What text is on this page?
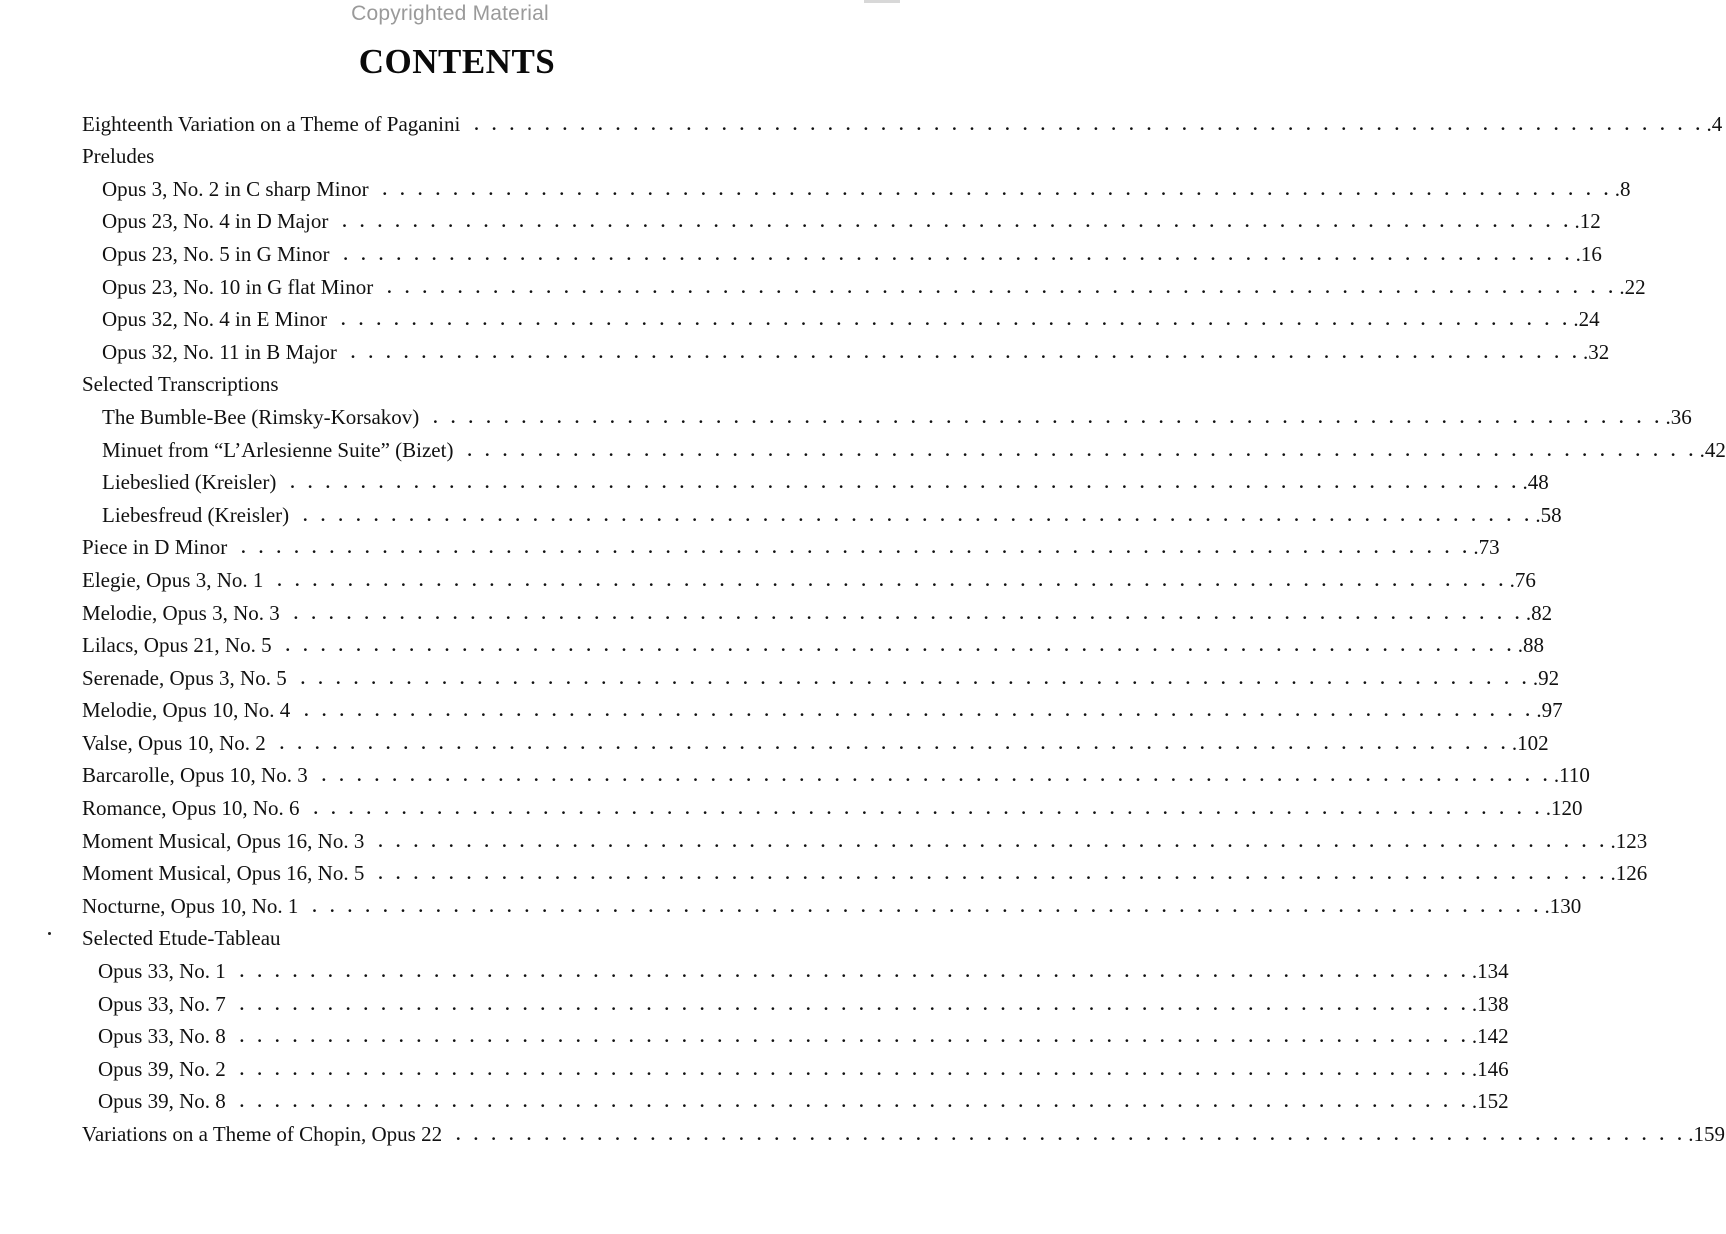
Copyrighted Material
CONTENTS
Eighteenth Variation on a Theme of Paganini . . . . . . . . . . . . . . . . . . . . . . . . . . . . . . . . . . . . . . . . . . . . . . . . . . . . . . . . . . . . . . . . . . . . . . .4
Preludes
Opus 3, No. 2 in C sharp Minor . . . . . . . . . . . . . . . . . . . . . . . . . . . . . . . . . . . . . . . . . . . . . . . . . . . . . . . . . . . . . . . . . . . . . . .8
Opus 23, No. 4 in D Major . . . . . . . . . . . . . . . . . . . . . . . . . . . . . . . . . . . . . . . . . . . . . . . . . . . . . . . . . . . . . . . . . . . . . . .12
Opus 23, No. 5 in G Minor . . . . . . . . . . . . . . . . . . . . . . . . . . . . . . . . . . . . . . . . . . . . . . . . . . . . . . . . . . . . . . . . . . . . . . .16
Opus 23, No. 10 in G flat Minor . . . . . . . . . . . . . . . . . . . . . . . . . . . . . . . . . . . . . . . . . . . . . . . . . . . . . . . . . . . . . . . . . . . . . . .22
Opus 32, No. 4 in E Minor . . . . . . . . . . . . . . . . . . . . . . . . . . . . . . . . . . . . . . . . . . . . . . . . . . . . . . . . . . . . . . . . . . . . . . .24
Opus 32, No. 11 in B Major . . . . . . . . . . . . . . . . . . . . . . . . . . . . . . . . . . . . . . . . . . . . . . . . . . . . . . . . . . . . . . . . . . . . . . .32
Selected Transcriptions
The Bumble-Bee (Rimsky-Korsakov) . . . . . . . . . . . . . . . . . . . . . . . . . . . . . . . . . . . . . . . . . . . . . . . . . . . . . . . . . . . . . . . . . . . . . . .36
Minuet from “L’Arlesienne Suite” (Bizet) . . . . . . . . . . . . . . . . . . . . . . . . . . . . . . . . . . . . . . . . . . . . . . . . . . . . . . . . . . . . . . . . . . . . . . .42
Liebeslied (Kreisler) . . . . . . . . . . . . . . . . . . . . . . . . . . . . . . . . . . . . . . . . . . . . . . . . . . . . . . . . . . . . . . . . . . . . . . .48
Liebesfreud (Kreisler) . . . . . . . . . . . . . . . . . . . . . . . . . . . . . . . . . . . . . . . . . . . . . . . . . . . . . . . . . . . . . . . . . . . . . . .58
Piece in D Minor . . . . . . . . . . . . . . . . . . . . . . . . . . . . . . . . . . . . . . . . . . . . . . . . . . . . . . . . . . . . . . . . . . . . . . .73
Elegie, Opus 3, No. 1 . . . . . . . . . . . . . . . . . . . . . . . . . . . . . . . . . . . . . . . . . . . . . . . . . . . . . . . . . . . . . . . . . . . . . . .76
Melodie, Opus 3, No. 3 . . . . . . . . . . . . . . . . . . . . . . . . . . . . . . . . . . . . . . . . . . . . . . . . . . . . . . . . . . . . . . . . . . . . . . .82
Lilacs, Opus 21, No. 5 . . . . . . . . . . . . . . . . . . . . . . . . . . . . . . . . . . . . . . . . . . . . . . . . . . . . . . . . . . . . . . . . . . . . . . .88
Serenade, Opus 3, No. 5 . . . . . . . . . . . . . . . . . . . . . . . . . . . . . . . . . . . . . . . . . . . . . . . . . . . . . . . . . . . . . . . . . . . . . . .92
Melodie, Opus 10, No. 4 . . . . . . . . . . . . . . . . . . . . . . . . . . . . . . . . . . . . . . . . . . . . . . . . . . . . . . . . . . . . . . . . . . . . . . .97
Valse, Opus 10, No. 2 . . . . . . . . . . . . . . . . . . . . . . . . . . . . . . . . . . . . . . . . . . . . . . . . . . . . . . . . . . . . . . . . . . . . . . .102
Barcarolle, Opus 10, No. 3 . . . . . . . . . . . . . . . . . . . . . . . . . . . . . . . . . . . . . . . . . . . . . . . . . . . . . . . . . . . . . . . . . . . . . . .110
Romance, Opus 10, No. 6 . . . . . . . . . . . . . . . . . . . . . . . . . . . . . . . . . . . . . . . . . . . . . . . . . . . . . . . . . . . . . . . . . . . . . . .120
Moment Musical, Opus 16, No. 3 . . . . . . . . . . . . . . . . . . . . . . . . . . . . . . . . . . . . . . . . . . . . . . . . . . . . . . . . . . . . . . . . . . . . . . .123
Moment Musical, Opus 16, No. 5 . . . . . . . . . . . . . . . . . . . . . . . . . . . . . . . . . . . . . . . . . . . . . . . . . . . . . . . . . . . . . . . . . . . . . . .126
Nocturne, Opus 10, No. 1 . . . . . . . . . . . . . . . . . . . . . . . . . . . . . . . . . . . . . . . . . . . . . . . . . . . . . . . . . . . . . . . . . . . . . . .130
Selected Etude-Tableau
Opus 33, No. 1 . . . . . . . . . . . . . . . . . . . . . . . . . . . . . . . . . . . . . . . . . . . . . . . . . . . . . . . . . . . . . . . . . . . . . . .134
Opus 33, No. 7 . . . . . . . . . . . . . . . . . . . . . . . . . . . . . . . . . . . . . . . . . . . . . . . . . . . . . . . . . . . . . . . . . . . . . . .138
Opus 33, No. 8 . . . . . . . . . . . . . . . . . . . . . . . . . . . . . . . . . . . . . . . . . . . . . . . . . . . . . . . . . . . . . . . . . . . . . . .142
Opus 39, No. 2 . . . . . . . . . . . . . . . . . . . . . . . . . . . . . . . . . . . . . . . . . . . . . . . . . . . . . . . . . . . . . . . . . . . . . . .146
Opus 39, No. 8 . . . . . . . . . . . . . . . . . . . . . . . . . . . . . . . . . . . . . . . . . . . . . . . . . . . . . . . . . . . . . . . . . . . . . . .152
Variations on a Theme of Chopin, Opus 22 . . . . . . . . . . . . . . . . . . . . . . . . . . . . . . . . . . . . . . . . . . . . . . . . . . . . . . . . . . . . . . . . . . . . . . .159
